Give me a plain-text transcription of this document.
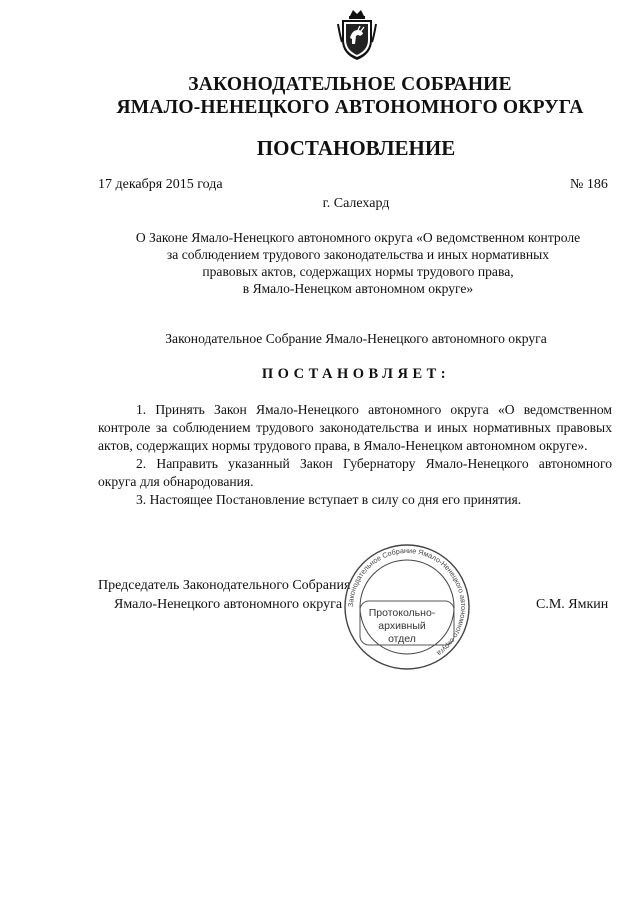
ЗАКОНОДАТЕЛЬНОЕ СОБРАНИЕ
ЯМАЛО-НЕНЕЦКОГО АВТОНОМНОГО ОКРУГА
ПОСТАНОВЛЕНИЕ
17 декабря 2015 года	№ 186
г. Салехард
О Законе Ямало-Ненецкого автономного округа «О ведомственном контроле
за соблюдением трудового законодательства и иных нормативных
правовых актов, содержащих нормы трудового права,
в Ямало-Ненецком автономном округе»
Законодательное Собрание Ямало-Ненецкого автономного округа
ПОСТАНОВЛЯЕТ:

1. Принять Закон Ямало-Ненецкого автономного округа «О ведомственном контроле за соблюдением трудового законодательства и иных нормативных правовых актов, содержащих нормы трудового права, в Ямало-Ненецком автономном округе».

2. Направить указанный Закон Губернатору Ямало-Ненецкого автономного округа для обнародования.

3. Настоящее Постановление вступает в силу со дня его принятия.

Председатель Законодательного Собрания
Ямало-Ненецкого автономного округа	С.М. Ямкин
Законодательное Собрание Ямало-Ненецкого автономного округа
Протокольно-
архивный
отдел
